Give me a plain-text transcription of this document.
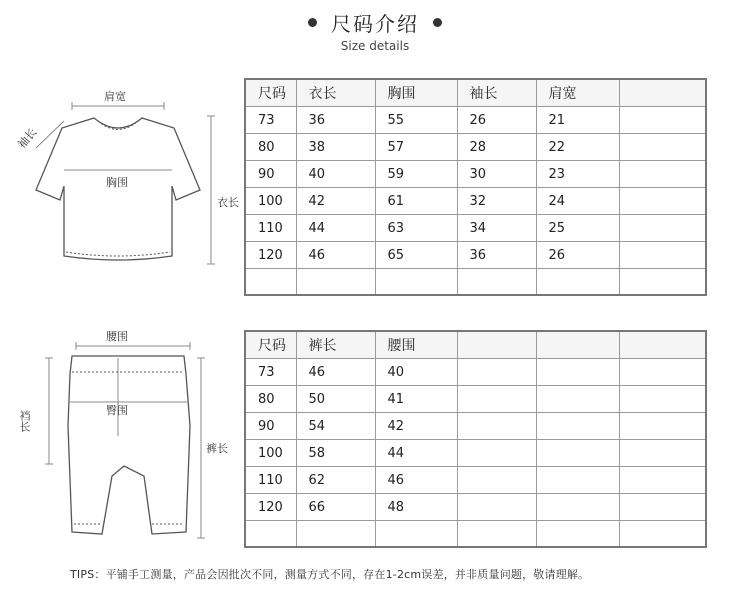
尺码介绍
Size details
肩宽
袖长
胸围
衣长
尺码	衣长	胸围	袖长	肩宽	
73	36	55	26	21	
80	38	57	28	22	
90	40	59	30	23	
100	42	61	32	24	
110	44	63	34	25	
120	46	65	36	26	

腰围
裆长	臀围
裤长
尺码	裤长	腰围			
73	46	40			
80	50	41			
90	54	42			
100	58	44			
110	62	46			
120	66	48			

TIPS：平铺手工测量，产品会因批次不同，测量方式不同，存在1-2cm误差，并非质量问题，敬请理解。
